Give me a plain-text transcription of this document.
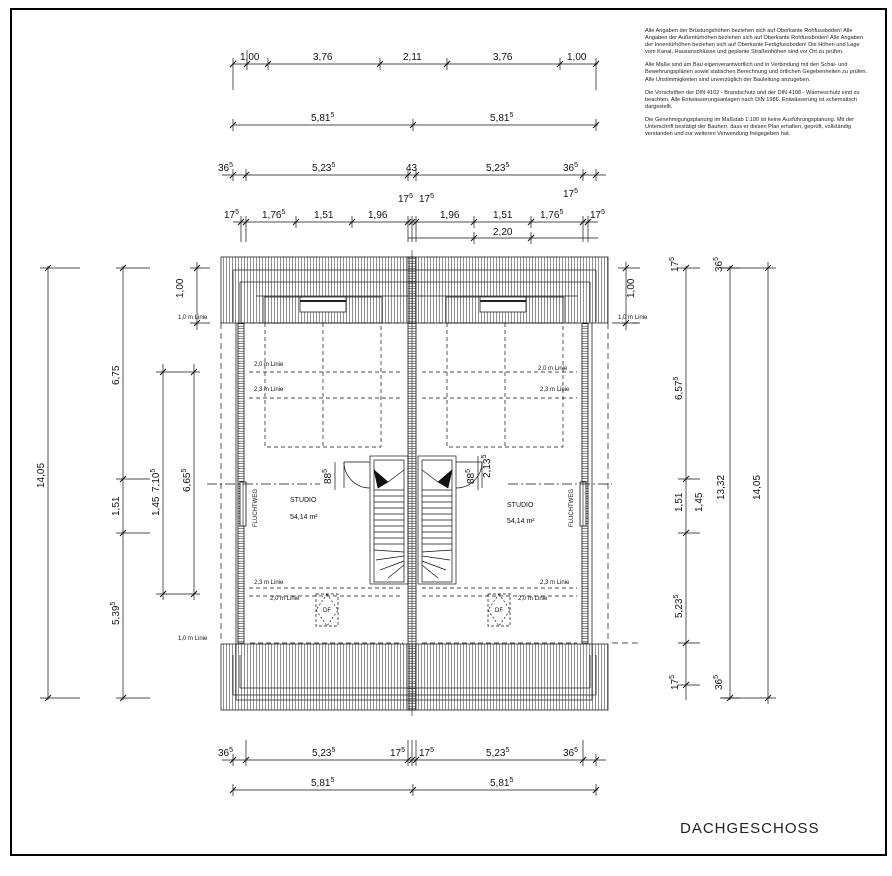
1,00	3,76	2,11	3,76	1,00
5,81$^5$	5,81$^5$
$36^5$	5,23$^5$	43	5,23$^5$	$36^5$
$17^5$
$17^5$ 1,76$^5$	1,51	1,96
$17^5$ $17^5$
1,96	1,51	1,76$^5$	$17^5$
2,20
$36^5$	5,23$^5$	$17^5$ $17^5$	5,23$^5$	$36^5$
5,81$^5$	5,81$^5$
14,05
6,75
1,51
5,39$^5$
1,45
7,10$^5$
6,65$^5$
1,00	1,00
6,57$^5$
1,51 1,45
5,23$^5$
$17^5$
$36^5$
$17^5$
$36^5$
13,32	14,05
$88^5$
$88^5$	2,13$^5$
STUDIO
54,14 m²
STUDIO
54,14 m²
FLUCHTWEG	FLUCHTWEG
DF	DF
1,0 m Linie	1,0 m Linie
1,0 m Linie
2,0 m Linie
2,3 m Linie
2,0 m Linie
2,3 m Linie
2,3 m Linie
2,0 m Linie
2,3 m Linie
2,0 m Linie

Alle Angaben der Brüstungshöhen beziehen sich auf Oberkante Rohfussboden! Alle Angaben der Außentürhöhen beziehen sich auf Oberkante Rohfussboden! Alle Angaben der Innentürhöhen beziehen sich auf Oberkante Fertigfussboden! Die Höhen und Lage vom Kanal, Hausanschlüsse und geplante Straßenhöhen sind vor Ort zu prüfen.

Alle Maße sind am Bau eigenverantwortlich und in Verbindung mit den Schal- und Bewehrungsplänen sowie statischen Berechnung und örtlichen Gegebenheiten zu prüfen. Alle Unstimmigkeiten sind unverzüglich der Bauleitung anzugeben.

Die Vorschriften der DIN 4102 - Brandschutz und der DIN 4108 - Wärmeschutz sind zu beachten. Alle Entwässerungsanlagen nach DIN 1986. Entwässerung ist schematisch dargestellt.

Die Genehmigungsplanung im Maßstab 1:100 ist keine Ausführungsplanung. Mit der Unterschrift bestätigt der Bauherr, dass er diesen Plan erhalten, geprüft, vollständig verstanden und zur weiteren Verwendung freigegeben hat.

DACHGESCHOSS
